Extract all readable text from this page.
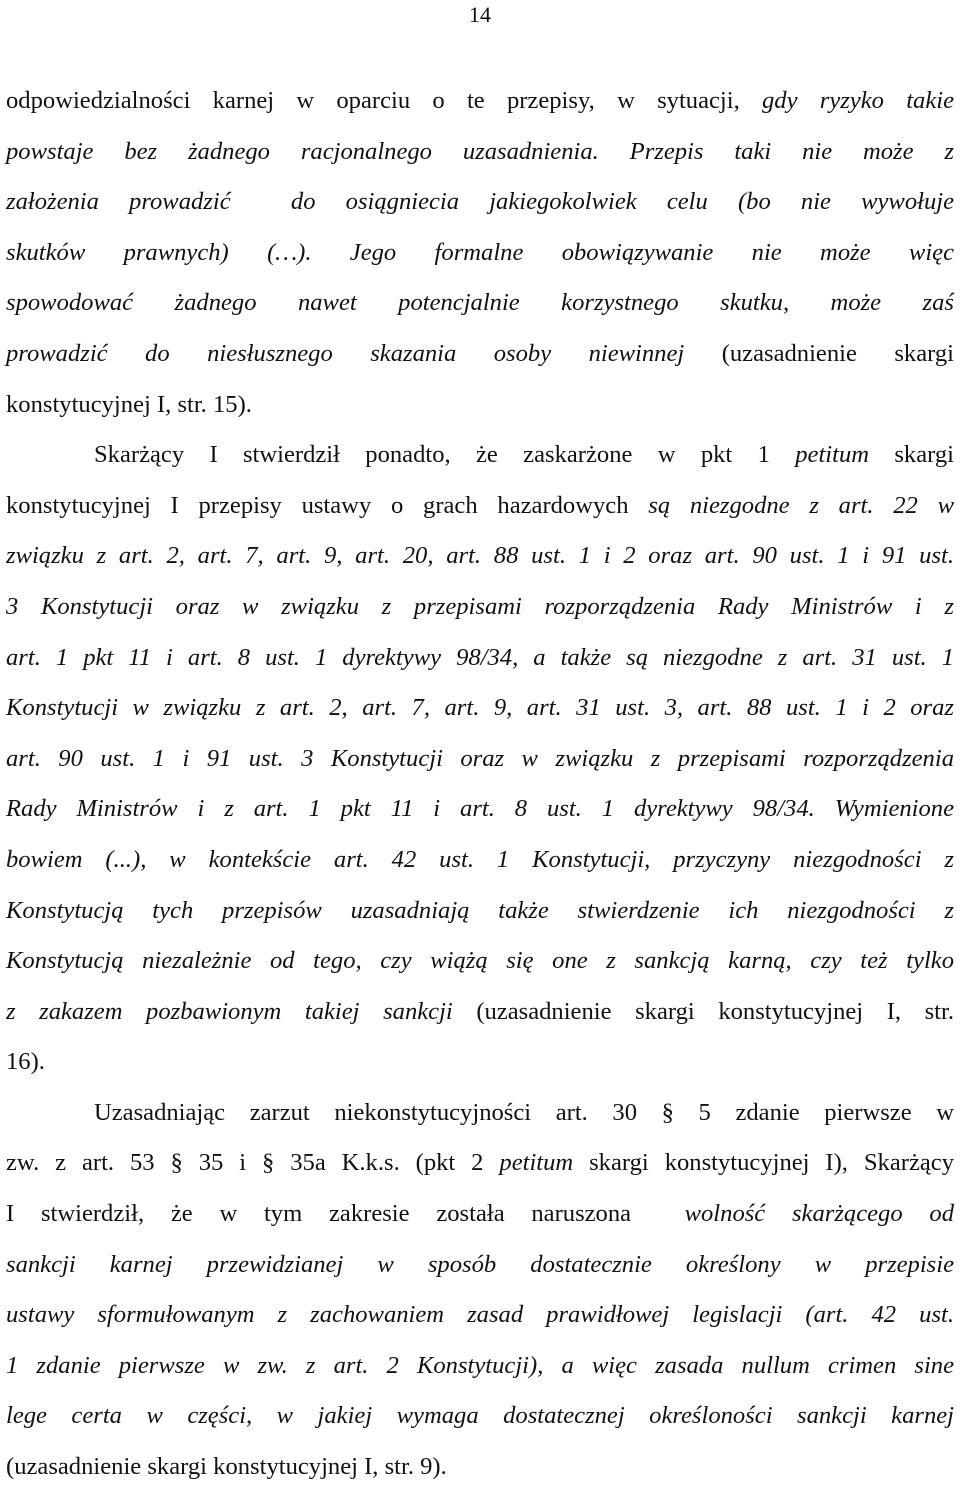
14
odpowiedzialności karnej w oparciu o te przepisy, w sytuacji, gdy ryzyko takie
powstaje bez żadnego racjonalnego uzasadnienia. Przepis taki nie może z
założenia prowadzić  do osiągniecia jakiegokolwiek celu (bo nie wywołuje
skutków prawnych) (…). Jego formalne obowiązywanie nie może więc
spowodować żadnego nawet potencjalnie korzystnego skutku, może zaś
prowadzić do niesłusznego skazania osoby niewinnej (uzasadnienie skargi
konstytucyjnej I, str. 15).
Skarżący I stwierdził ponadto, że zaskarżone w pkt 1 petitum skargi
konstytucyjnej I przepisy ustawy o grach hazardowych są niezgodne z art. 22 w
związku z art. 2, art. 7, art. 9, art. 20, art. 88 ust. 1 i 2 oraz art. 90 ust. 1 i 91 ust.
3 Konstytucji oraz w związku z przepisami rozporządzenia Rady Ministrów i z
art. 1 pkt 11 i art. 8 ust. 1 dyrektywy 98/34, a także są niezgodne z art. 31 ust. 1
Konstytucji w związku z art. 2, art. 7, art. 9, art. 31 ust. 3, art. 88 ust. 1 i 2 oraz
art. 90 ust. 1 i 91 ust. 3 Konstytucji oraz w związku z przepisami rozporządzenia
Rady Ministrów i z art. 1 pkt 11 i art. 8 ust. 1 dyrektywy 98/34. Wymienione
bowiem (...), w kontekście art. 42 ust. 1 Konstytucji, przyczyny niezgodności z
Konstytucją tych przepisów uzasadniają także stwierdzenie ich niezgodności z
Konstytucją niezależnie od tego, czy wiążą się one z sankcją karną, czy też tylko
z zakazem pozbawionym takiej sankcji (uzasadnienie skargi konstytucyjnej I, str.
16).
Uzasadniając zarzut niekonstytucyjności art. 30 § 5 zdanie pierwsze w
zw. z art. 53 § 35 i § 35a K.k.s. (pkt 2 petitum skargi konstytucyjnej I), Skarżący
I stwierdził, że w tym zakresie została naruszona  wolność skarżącego od
sankcji karnej przewidzianej w sposób dostatecznie określony w przepisie
ustawy sformułowanym z zachowaniem zasad prawidłowej legislacji (art. 42 ust.
1 zdanie pierwsze w zw. z art. 2 Konstytucji), a więc zasada nullum crimen sine
lege certa w części, w jakiej wymaga dostatecznej określoności sankcji karnej
(uzasadnienie skargi konstytucyjnej I, str. 9).
